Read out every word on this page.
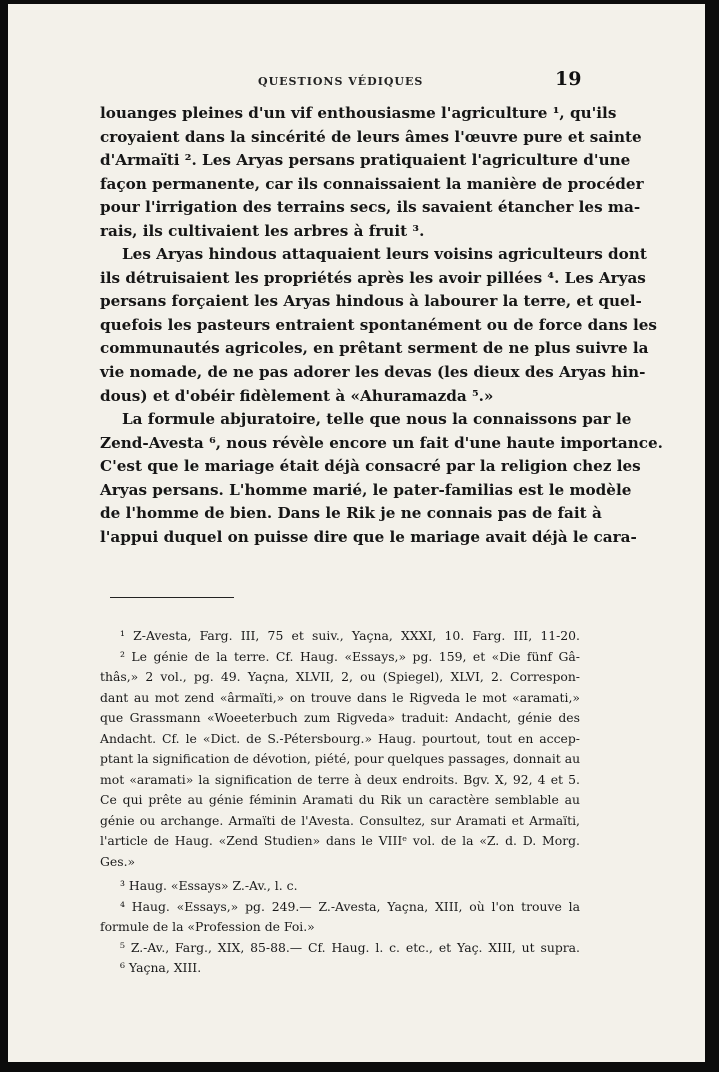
QUESTIONS VÉDIQUES	19
louanges pleines d'un vif enthousiasme l'agriculture ¹, qu'ils
croyaient dans la sincérité de leurs âmes l'œuvre pure et sainte
d'Armaïti ². Les Aryas persans pratiquaient l'agriculture d'une
façon permanente, car ils connaissaient la manière de procéder
pour l'irrigation des terrains secs, ils savaient étancher les ma-
rais, ils cultivaient les arbres à fruit ³.
Les Aryas hindous attaquaient leurs voisins agriculteurs dont
ils détruisaient les propriétés après les avoir pillées ⁴. Les Aryas
persans forçaient les Aryas hindous à labourer la terre, et quel-
quefois les pasteurs entraient spontanément ou de force dans les
communautés agricoles, en prêtant serment de ne plus suivre la
vie nomade, de ne pas adorer les devas (les dieux des Aryas hin-
dous) et d'obéir fidèlement à «Ahuramazda ⁵.»
La formule abjuratoire, telle que nous la connaissons par le
Zend-Avesta ⁶, nous révèle encore un fait d'une haute importance.
C'est que le mariage était déjà consacré par la religion chez les
Aryas persans. L'homme marié, le pater-familias est le modèle
de l'homme de bien. Dans le Rik je ne connais pas de fait à
l'appui duquel on puisse dire que le mariage avait déjà le cara-
¹ Z-Avesta, Farg. III, 75 et suiv., Yaçna, XXXI, 10. Farg. III, 11-20.
² Le génie de la terre. Cf. Haug. «Essays,» pg. 159, et «Die fünf Gâ-
thâs,» 2 vol., pg. 49. Yaçna, XLVII, 2, ou (Spiegel), XLVI, 2. Correspon-
dant au mot zend «ârmaïti,» on trouve dans le Rigveda le mot «aramati,»
que Grassmann «Woeeterbuch zum Rigveda» traduit: Andacht, génie des
Andacht. Cf. le «Dict. de S.-Pétersbourg.» Haug. pourtout, tout en accep-
ptant la signification de dévotion, piété, pour quelques passages, donnait au
mot «aramati» la signification de terre à deux endroits. Bgv. X, 92, 4 et 5.
Ce qui prête au génie féminin Aramati du Rik un caractère semblable au
génie ou archange. Armaïti de l'Avesta. Consultez, sur Aramati et Armaïti,
l'article de Haug. «Zend Studien» dans le VIIIᵉ vol. de la «Z. d. D. Morg.
Ges.»
³ Haug. «Essays» Z.-Av., l. c.
⁴ Haug. «Essays,» pg. 249.— Z.-Avesta, Yaçna, XIII, où l'on trouve la
formule de la «Profession de Foi.»
⁵ Z.-Av., Farg., XIX, 85-88.— Cf. Haug. l. c. etc., et Yaç. XIII, ut supra.
⁶ Yaçna, XIII.
